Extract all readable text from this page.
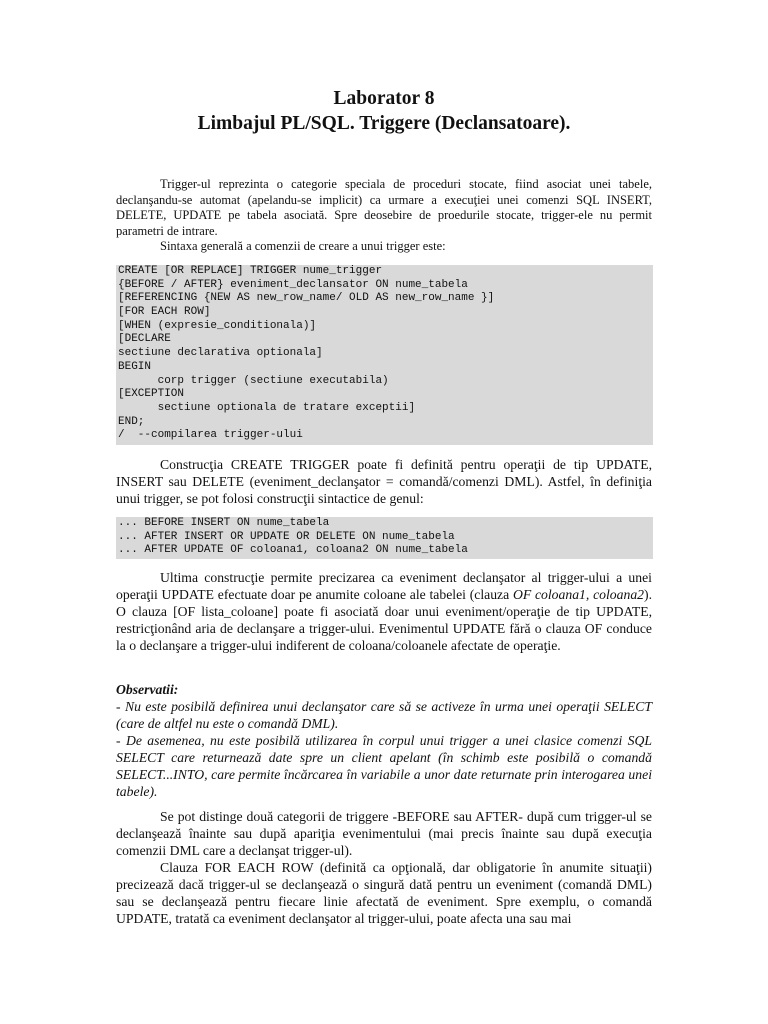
Laborator 8
Limbajul PL/SQL. Triggere (Declansatoare).
Trigger-ul reprezinta o categorie speciala de proceduri stocate, fiind asociat unei tabele, declanşandu-se automat (apelandu-se implicit) ca urmare a execuţiei unei comenzi SQL INSERT, DELETE, UPDATE pe tabela asociată. Spre deosebire de proedurile stocate, trigger-ele nu permit parametri de intrare.
Sintaxa generală a comenzii de creare a unui trigger este:
CREATE [OR REPLACE] TRIGGER nume_trigger
{BEFORE / AFTER} eveniment_declansator ON nume_tabela
[REFERENCING {NEW AS new_row_name/ OLD AS new_row_name }]
[FOR EACH ROW]
[WHEN (expresie_conditionala)]
[DECLARE
sectiune declarativa optionala]
BEGIN
corp trigger (sectiune executabila)
[EXCEPTION
sectiune optionala de tratare exceptii]
END;
/  --compilarea trigger-ului
Construcţia CREATE TRIGGER poate fi definită pentru operaţii de tip UPDATE, INSERT sau DELETE (eveniment_declanşator = comandă/comenzi DML). Astfel, în definiţia unui trigger, se pot folosi construcţii sintactice de genul:
... BEFORE INSERT ON nume_tabela
... AFTER INSERT OR UPDATE OR DELETE ON nume_tabela
... AFTER UPDATE OF coloana1, coloana2 ON nume_tabela
Ultima construcţie permite precizarea ca eveniment declanşator al trigger-ului a unei operaţii UPDATE efectuate doar pe anumite coloane ale tabelei (clauza OF coloana1, coloana2). O clauza [OF lista_coloane] poate fi asociată doar unui eveniment/operaţie de tip UPDATE, restricţionând aria de declanşare a trigger-ului. Evenimentul UPDATE fără o clauza OF conduce la o declanşare a trigger-ului indiferent de coloana/coloanele afectate de operaţie.
Observatii:
- Nu este posibilă definirea unui declanşator care să se activeze în urma unei operaţii SELECT (care de altfel nu este o comandă DML).
- De asemenea, nu este posibilă utilizarea în corpul unui trigger a unei clasice comenzi SQL SELECT care returnează date spre un client apelant (în schimb este posibilă o comandă SELECT...INTO, care permite încărcarea în variabile a unor date returnate prin interogarea unei tabele).
Se pot distinge două categorii de triggere -BEFORE sau AFTER- după cum trigger-ul se declanşează înainte sau după apariţia evenimentului (mai precis înainte sau după execuţia comenzii DML care a declanşat trigger-ul).
Clauza FOR EACH ROW (definită ca opţională, dar obligatorie în anumite situaţii) precizează dacă trigger-ul se declanşează o singură dată pentru un eveniment (comandă DML) sau se declanşează pentru fiecare linie afectată de eveniment. Spre exemplu, o comandă UPDATE, tratată ca eveniment declanşator al trigger-ului, poate afecta una sau mai
